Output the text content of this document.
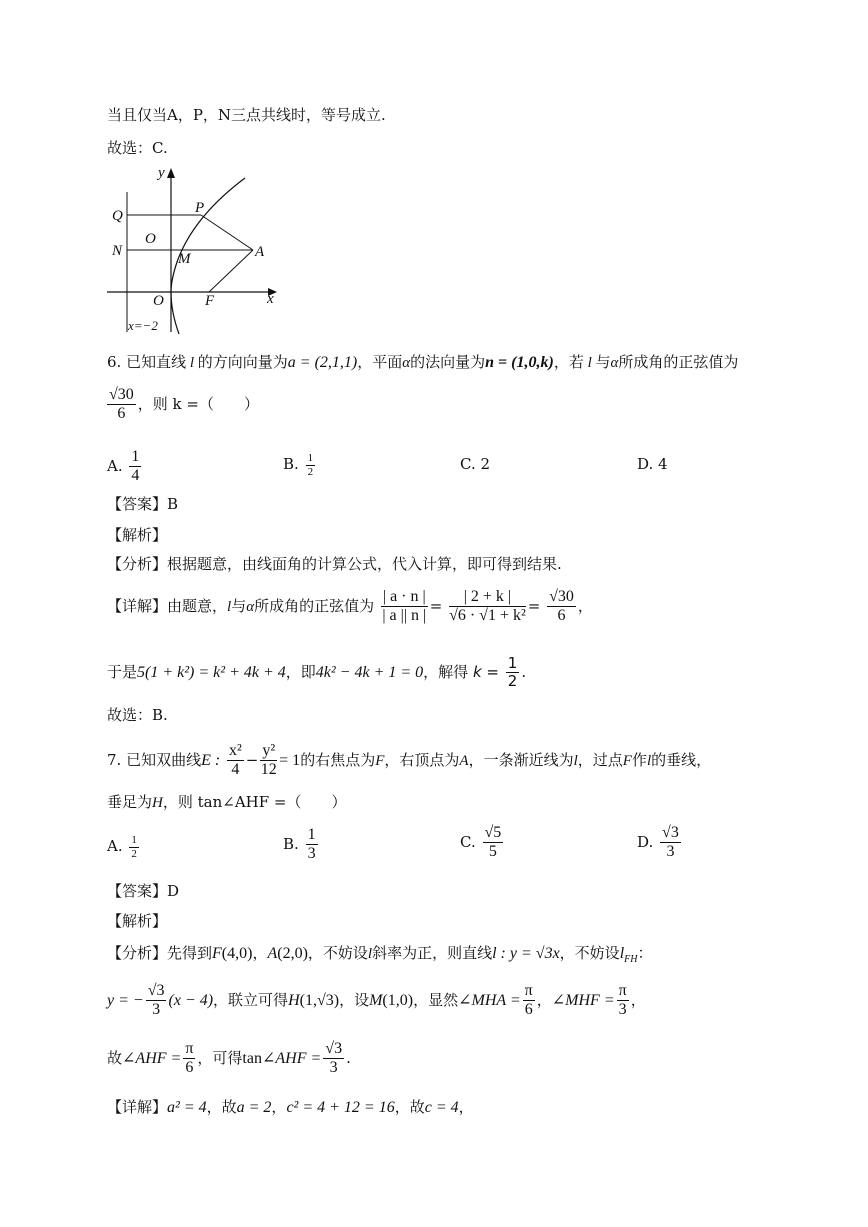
当且仅当A，P，N三点共线时，等号成立.
故选：C.
y
x
P
Q
N
O
M	A
O	F
x=−2
6. 已知直线 l 的方向向量为a = (2,1,1)，平面α的法向量为n = (1,0,k)，若 l 与α所成角的正弦值为
$\frac{√30}{6}$ ，则 k =（　　）
A. $\frac{1}{4}$	B. $\frac{1}{2}$	C. 2	D. 4
【答案】B
【解析】
【分析】根据题意，由线面角的计算公式，代入计算，即可得到结果.
【详解】由题意，l与α所成角的正弦值为 $\frac{| a \cdot n |}{| a || n |} = \frac{| 2 + k |}{\text{√6 · √1 + k²}} = \frac{√30}{6}$ ，
于是5(1 + k²) = k² + 4k + 4，即4k² − 4k + 1 = 0，解得 $k = \frac{1}{2}$ .
故选：B.
7. 已知双曲线E : $\frac{\text{x²}}{4} - \frac{\text{y²}}{12} = 1$的右焦点为F，右顶点为A，一条渐近线为l，过点F作l的垂线，
垂足为H，则 tan∠AHF =（　　）
A. $\frac{1}{2}$	B. $\frac{1}{3}$	C. $\frac{√5}{5}$	D. $\frac{√3}{3}$
【答案】D
【解析】
【分析】先得到F(4,0)，A(2,0)，不妨设l斜率为正，则直线l : y = √3x，不妨设$l_{FH}$：
y = − $\frac{√3}{3} (x - 4)$，联立可得H(1,√3)，设M(1,0)，显然∠MHA = $\frac{\pi}{6}$ ，∠MHF = $\frac{\pi}{3}$ ，
故∠AHF = $\frac{\pi}{6}$ ，可得tan∠AHF = $\frac{√3}{3}$ .
【详解】a² = 4，故a = 2，c² = 4 + 12 = 16，故c = 4，
